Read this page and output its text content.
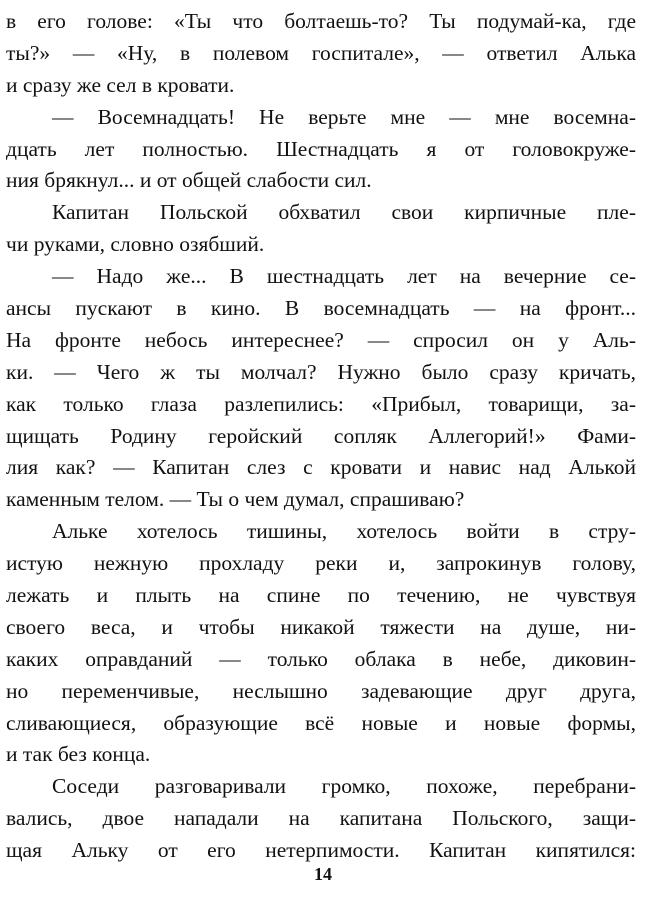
в его голове: «Ты что болтаешь-то? Ты подумай-ка, где
ты?» — «Ну, в полевом госпитале», — ответил Алька
и сразу же сел в кровати.
— Восемнадцать! Не верьте мне — мне восемна-
дцать лет полностью. Шестнадцать я от головокруже-
ния брякнул... и от общей слабости сил.
Капитан Польской обхватил свои кирпичные пле-
чи руками, словно озябший.
— Надо же... В шестнадцать лет на вечерние се-
ансы пускают в кино. В восемнадцать — на фронт...
На фронте небось интереснее? — спросил он у Аль-
ки. — Чего ж ты молчал? Нужно было сразу кричать,
как только глаза разлепились: «Прибыл, товарищи, за-
щищать Родину геройский сопляк Аллегорий!» Фами-
лия как? — Капитан слез с кровати и навис над Алькой
каменным телом. — Ты о чем думал, спрашиваю?
Альке хотелось тишины, хотелось войти в стру-
истую нежную прохладу реки и, запрокинув голову,
лежать и плыть на спине по течению, не чувствуя
своего веса, и чтобы никакой тяжести на душе, ни-
каких оправданий — только облака в небе, диковин-
но переменчивые, неслышно задевающие друг друга,
сливающиеся, образующие всё новые и новые формы,
и так без конца.
Соседи разговаривали громко, похоже, перебрани-
вались, двое нападали на капитана Польского, защи-
щая Альку от его нетерпимости. Капитан кипятился:
14
